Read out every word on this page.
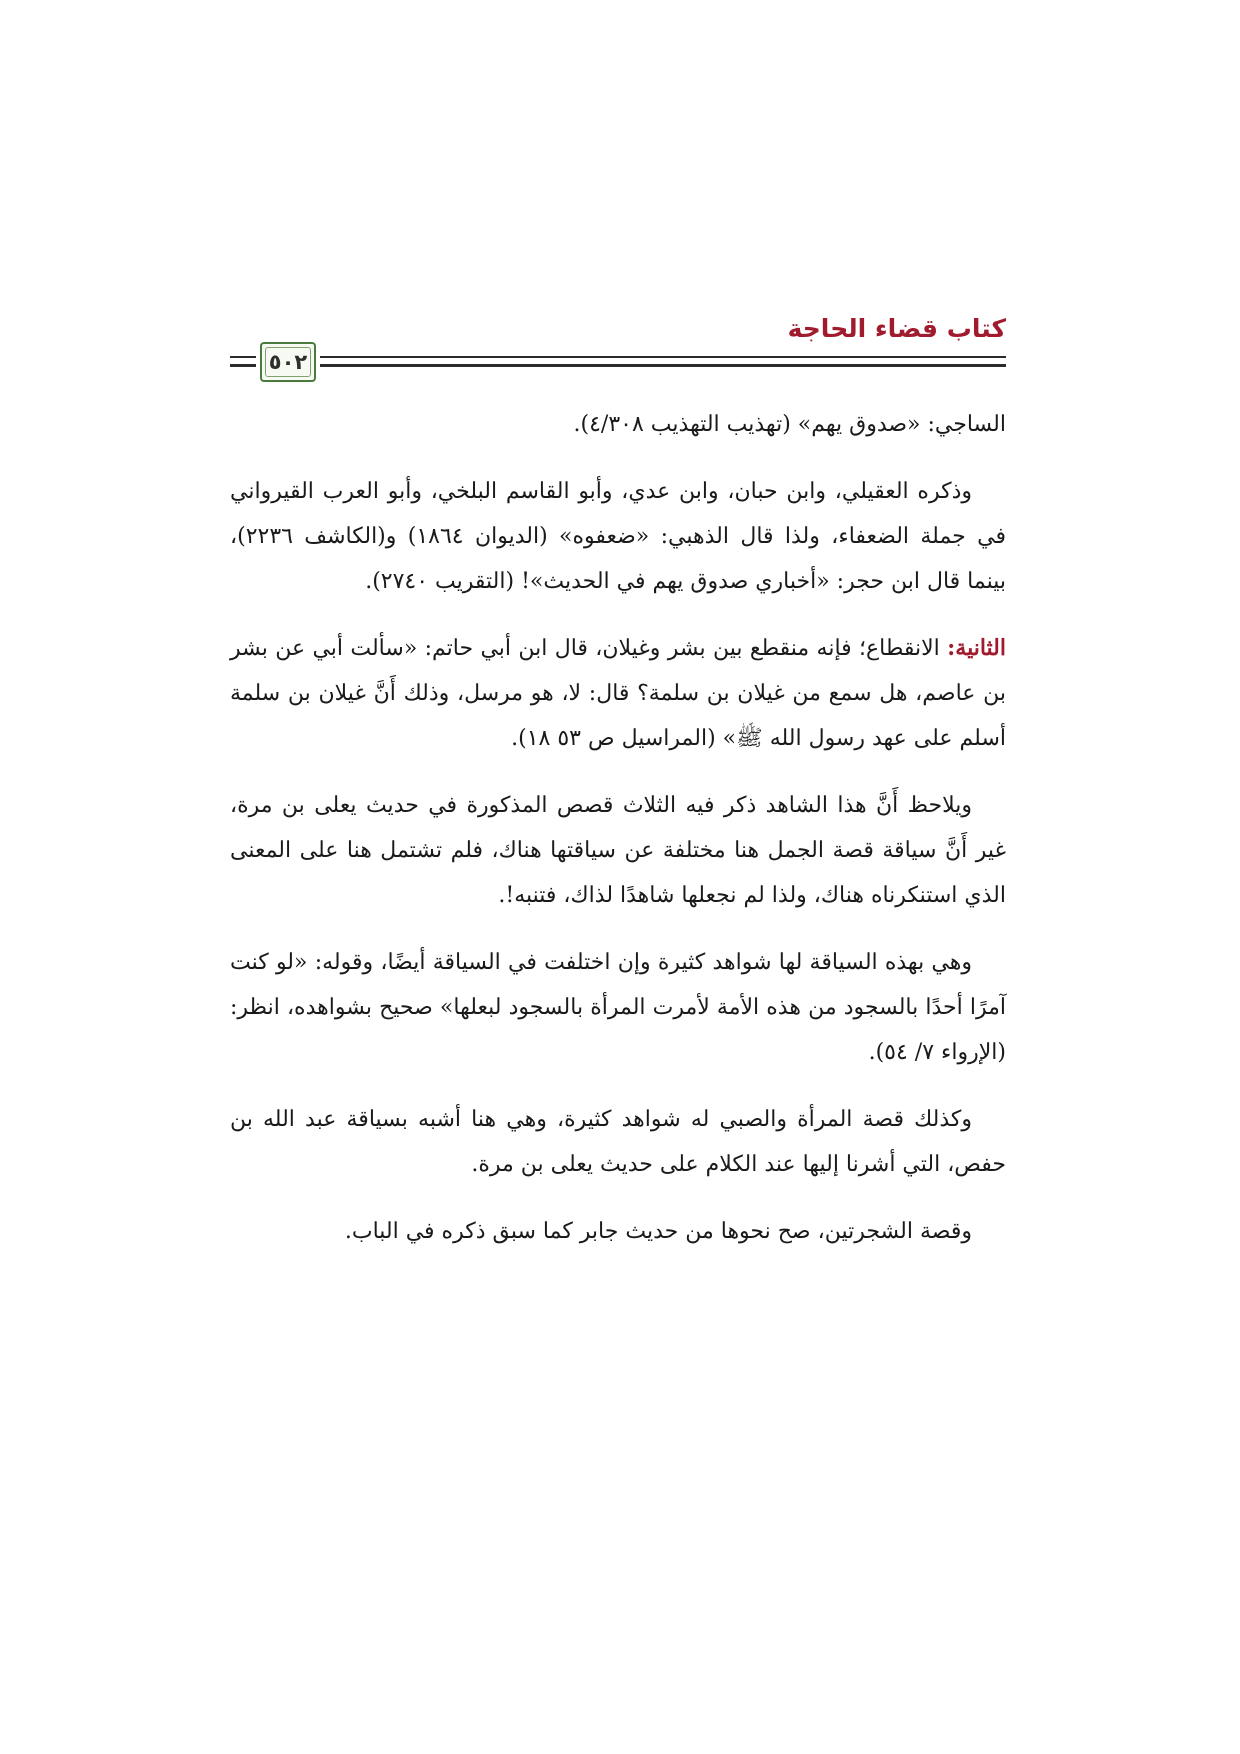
كتاب قضاء الحاجة
٥٠٢

الساجي: «صدوق يهم» (تهذيب التهذيب ٤/٣٠٨).

وذكره العقيلي، وابن حبان، وابن عدي، وأبو القاسم البلخي، وأبو العرب القيرواني في جملة الضعفاء، ولذا قال الذهبي: «ضعفوه» (الديوان ١٨٦٤) و(الكاشف ٢٢٣٦)، بينما قال ابن حجر: «أخباري صدوق يهم في الحديث»! (التقريب ٢٧٤٠).

الثانية: الانقطاع؛ فإنه منقطع بين بشر وغيلان، قال ابن أبي حاتم: «سألت أبي عن بشر بن عاصم، هل سمع من غيلان بن سلمة؟ قال: لا، هو مرسل، وذلك أَنَّ غيلان بن سلمة أسلم على عهد رسول الله ﷺ» (المراسيل ص ٥٣ ١٨).

ويلاحظ أَنَّ هذا الشاهد ذكر فيه الثلاث قصص المذكورة في حديث يعلى بن مرة، غير أَنَّ سياقة قصة الجمل هنا مختلفة عن سياقتها هناك، فلم تشتمل هنا على المعنى الذي استنكرناه هناك، ولذا لم نجعلها شاهدًا لذاك، فتنبه!.

وهي بهذه السياقة لها شواهد كثيرة وإن اختلفت في السياقة أيضًا، وقوله: «لو كنت آمرًا أحدًا بالسجود من هذه الأمة لأمرت المرأة بالسجود لبعلها» صحيح بشواهده، انظر: (الإرواء ٧/ ٥٤).

وكذلك قصة المرأة والصبي له شواهد كثيرة، وهي هنا أشبه بسياقة عبد الله بن حفص، التي أشرنا إليها عند الكلام على حديث يعلى بن مرة.

وقصة الشجرتين، صح نحوها من حديث جابر كما سبق ذكره في الباب.
